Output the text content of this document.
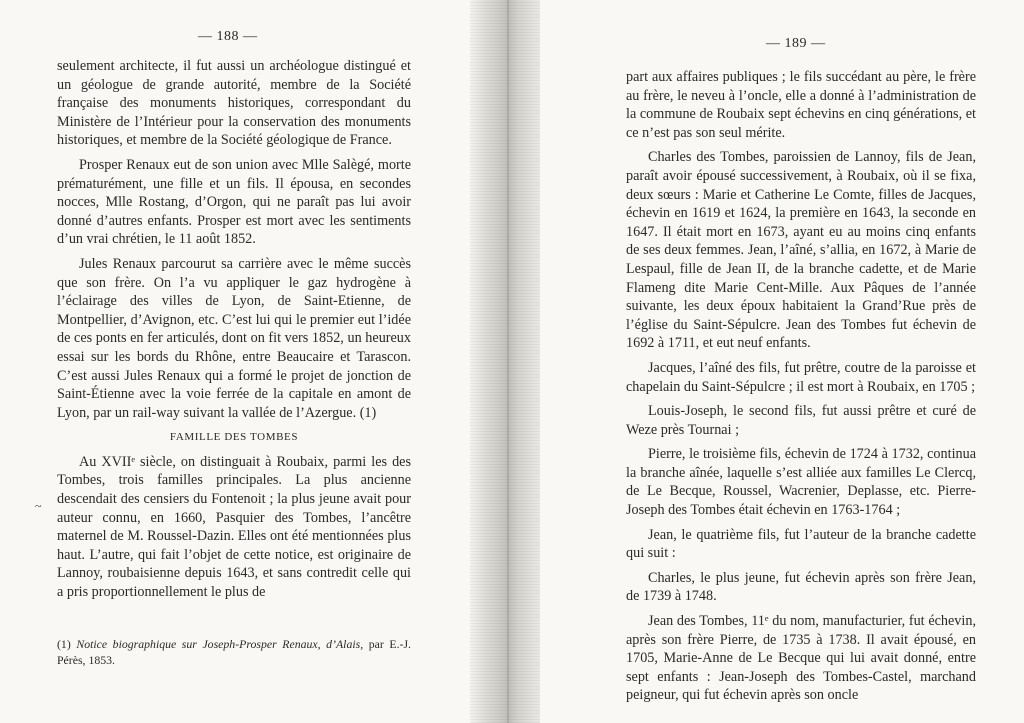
— 188 —
~

seulement architecte, il fut aussi un archéologue distingué et un géologue de grande autorité, membre de la Société française des monuments historiques, correspondant du Ministère de l’Intérieur pour la conservation des monuments historiques, et membre de la Société géologique de France.

Prosper Renaux eut de son union avec Mlle Salègé, morte prématurément, une fille et un fils. Il épousa, en secondes nocces, Mlle Rostang, d’Orgon, qui ne paraît pas lui avoir donné d’autres enfants. Prosper est mort avec les sentiments d’un vrai chrétien, le 11 août 1852.

Jules Renaux parcourut sa carrière avec le même succès que son frère. On l’a vu appliquer le gaz hydrogène à l’éclairage des villes de Lyon, de Saint-Etienne, de Montpellier, d’Avignon, etc. C’est lui qui le premier eut l’idée de ces ponts en fer articulés, dont on fit vers 1852, un heureux essai sur les bords du Rhône, entre Beaucaire et Tarascon. C’est aussi Jules Renaux qui a formé le projet de jonction de Saint-Étienne avec la voie ferrée de la capitale en amont de Lyon, par un rail-way suivant la vallée de l’Azergue. (1)

FAMILLE DES TOMBES

Au XVIIᵉ siècle, on distinguait à Roubaix, parmi les des Tombes, trois familles principales. La plus ancienne descendait des censiers du Fontenoit ; la plus jeune avait pour auteur connu, en 1660, Pasquier des Tombes, l’ancêtre maternel de M. Roussel-Dazin. Elles ont été mentionnées plus haut. L’autre, qui fait l’objet de cette notice, est originaire de Lannoy, roubaisienne depuis 1643, et sans contredit celle qui a pris proportionnellement le plus de

(1) Notice biographique sur Joseph-Prosper Renaux, d’Alais, par E.-J. Pérès, 1853.
— 189 —

part aux affaires publiques ; le fils succédant au père, le frère au frère, le neveu à l’oncle, elle a donné à l’administration de la commune de Roubaix sept échevins en cinq générations, et ce n’est pas son seul mérite.

Charles des Tombes, paroissien de Lannoy, fils de Jean, paraît avoir épousé successivement, à Roubaix, où il se fixa, deux sœurs : Marie et Catherine Le Comte, filles de Jacques, échevin en 1619 et 1624, la première en 1643, la seconde en 1647. Il était mort en 1673, ayant eu au moins cinq enfants de ses deux femmes. Jean, l’aîné, s’allia, en 1672, à Marie de Lespaul, fille de Jean II, de la branche cadette, et de Marie Flameng dite Marie Cent-Mille. Aux Pâques de l’année suivante, les deux époux habitaient la Grand’Rue près de l’église du Saint-Sépulcre. Jean des Tombes fut échevin de 1692 à 1711, et eut neuf enfants.

Jacques, l’aîné des fils, fut prêtre, coutre de la paroisse et chapelain du Saint-Sépulcre ; il est mort à Roubaix, en 1705 ;

Louis-Joseph, le second fils, fut aussi prêtre et curé de Weze près Tournai ;

Pierre, le troisième fils, échevin de 1724 à 1732, continua la branche aînée, laquelle s’est alliée aux familles Le Clercq, de Le Becque, Roussel, Wacrenier, Deplasse, etc. Pierre-Joseph des Tombes était échevin en 1763-1764 ;

Jean, le quatrième fils, fut l’auteur de la branche cadette qui suit :

Charles, le plus jeune, fut échevin après son frère Jean, de 1739 à 1748.

Jean des Tombes, 11ᵉ du nom, manufacturier, fut échevin, après son frère Pierre, de 1735 à 1738. Il avait épousé, en 1705, Marie-Anne de Le Becque qui lui avait donné, entre sept enfants : Jean-Joseph des Tombes-Castel, marchand peigneur, qui fut échevin après son oncle
